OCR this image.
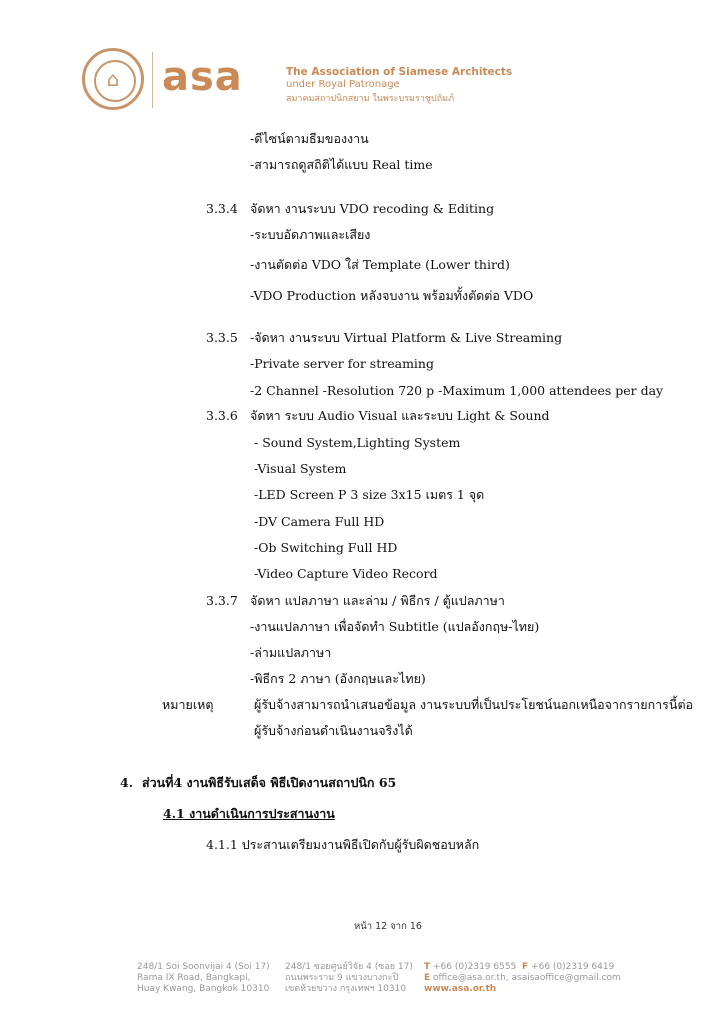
⌂
asa	The Association of Siamese Architects
under Royal Patronage
สมาคมสถาปนิกสยาม ในพระบรมราชูปถัมภ์
-ดีไซน์ตามธีมของงาน
-สามารถดูสถิติได้แบบ Real time
3.3.4 จัดหา งานระบบ VDO recoding & Editing
-ระบบอัดภาพและเสียง
-งานตัดต่อ VDO ใส่ Template (Lower third)
-VDO Production หลังจบงาน พร้อมทั้งตัดต่อ VDO
3.3.5 -จัดหา งานระบบ Virtual Platform & Live Streaming
-Private server for streaming
-2 Channel -Resolution 720 p -Maximum 1,000 attendees per day
3.3.6 จัดหา ระบบ Audio Visual และระบบ Light & Sound
- Sound System,Lighting System
-Visual System
-LED Screen P 3 size 3x15 เมตร 1 จุด
-DV Camera Full HD
-Ob Switching Full HD
-Video Capture Video Record
3.3.7 จัดหา แปลภาษา และล่าม / พิธีกร / ตู้แปลภาษา
-งานแปลภาษา เพื่อจัดทำ Subtitle (แปลอังกฤษ-ไทย)
-ล่ามแปลภาษา
-พิธีกร 2 ภาษา (อังกฤษและไทย)
หมายเหตุ	ผู้รับจ้างสามารถนำเสนอข้อมูล งานระบบที่เป็นประโยชน์นอกเหนือจากรายการนี้ต่อ
ผู้รับจ้างก่อนดำเนินงานจริงได้
4. ส่วนที่4 งานพิธีรับเสด็จ พิธีเปิดงานสถาปนิก 65
4.1 งานดำเนินการประสานงาน
4.1.1 ประสานเตรียมงานพิธีเปิดกับผู้รับผิดชอบหลัก
หน้า 12 จาก 16
248/1 Soi Soonvijai 4 (Soi 17)
Rama IX Road, Bangkapi,
Huay Kwang, Bangkok 10310
248/1 ซอยศูนย์วิจัย 4 (ซอย 17)
ถนนพระราม 9 แขวงบางกะปิ
เขตห้วยขวาง กรุงเทพฯ 10310
T +66 (0)2319 6555 F +66 (0)2319 6419
E office@asa.or.th, asaisaoffice@gmail.com
www.asa.or.th
